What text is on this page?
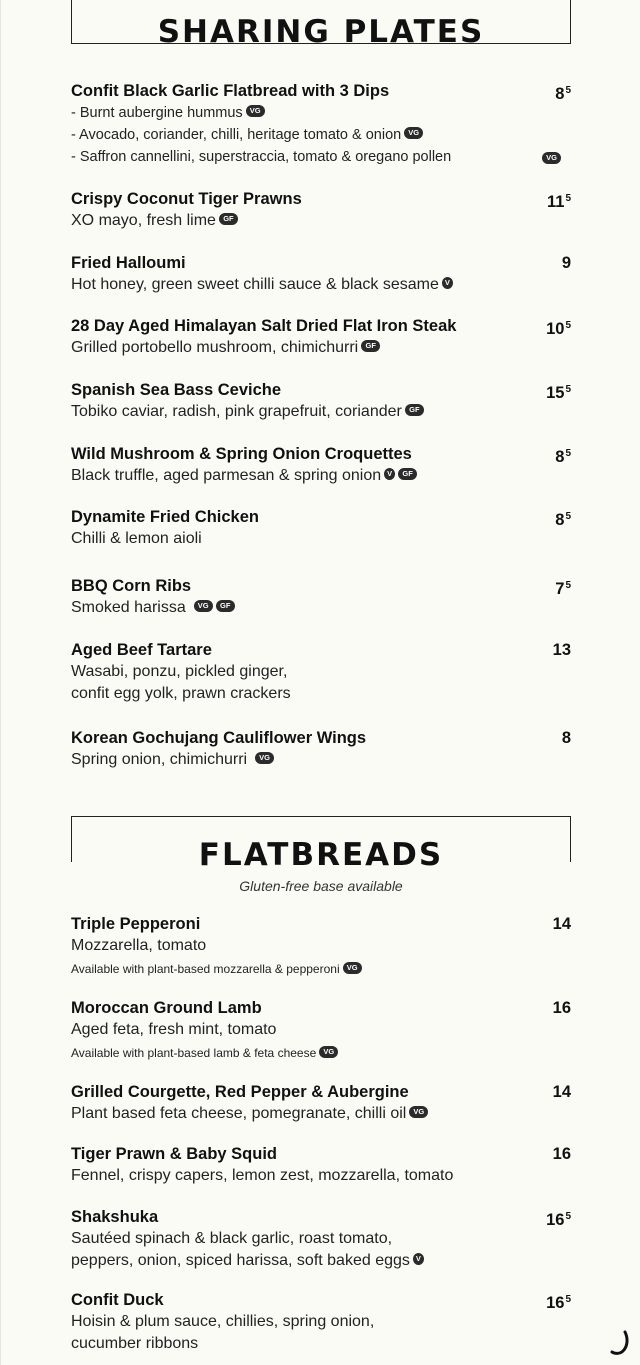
SHARING PLATES
Confit Black Garlic Flatbread with 3 Dips	$8^5$
- Burnt aubergine hummus VG
- Avocado, coriander, chilli, heritage tomato & onion VG
- Saffron cannellini, superstraccia, tomato & oregano pollen	VG
Crispy Coconut Tiger Prawns	$11^5$
XO mayo, fresh lime GF
Fried Halloumi	9
Hot honey, green sweet chilli sauce & black sesame V
28 Day Aged Himalayan Salt Dried Flat Iron Steak	$10^5$
Grilled portobello mushroom, chimichurri GF
Spanish Sea Bass Ceviche	$15^5$
Tobiko caviar, radish, pink grapefruit, coriander GF
Wild Mushroom & Spring Onion Croquettes	$8^5$
Black truffle, aged parmesan & spring onion V GF
Dynamite Fried Chicken	$8^5$
Chilli & lemon aioli
BBQ Corn Ribs	$7^5$
Smoked harissa VG GF
Aged Beef Tartare	13
Wasabi, ponzu, pickled ginger,
confit egg yolk, prawn crackers
Korean Gochujang Cauliflower Wings	8
Spring onion, chimichurri VG
FLATBREADS
Gluten-free base available
Triple Pepperoni	14
Mozzarella, tomato
Available with plant-based mozzarella & pepperoni VG
Moroccan Ground Lamb	16
Aged feta, fresh mint, tomato
Available with plant-based lamb & feta cheese VG
Grilled Courgette, Red Pepper & Aubergine	14
Plant based feta cheese, pomegranate, chilli oil VG
Tiger Prawn & Baby Squid	16
Fennel, crispy capers, lemon zest, mozzarella, tomato
Shakshuka	$16^5$
Sautéed spinach & black garlic, roast tomato,
peppers, onion, spiced harissa, soft baked eggs V
Confit Duck	$16^5$
Hoisin & plum sauce, chillies, spring onion,
cucumber ribbons
